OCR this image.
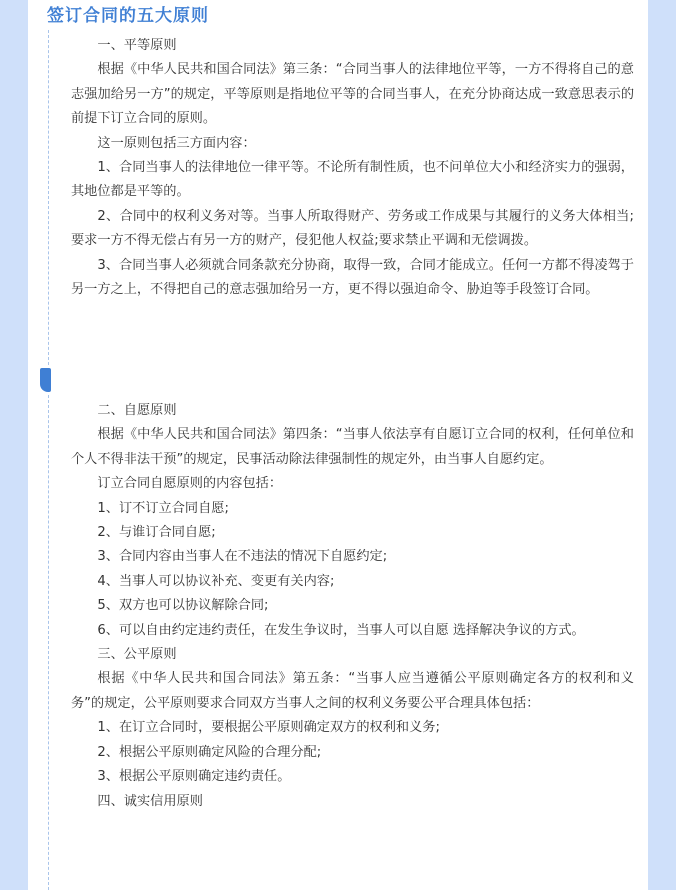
签订合同的五大原则

一、平等原则

根据《中华人民共和国合同法》第三条：“合同当事人的法律地位平等，一方不得将自己的意志强加给另一方”的规定，平等原则是指地位平等的合同当事人，在充分协商达成一致意思表示的前提下订立合同的原则。

这一原则包括三方面内容：

1、合同当事人的法律地位一律平等。不论所有制性质，也不问单位大小和经济实力的强弱，其地位都是平等的。

2、合同中的权利义务对等。当事人所取得财产、劳务或工作成果与其履行的义务大体相当;要求一方不得无偿占有另一方的财产，侵犯他人权益;要求禁止平调和无偿调拨。

3、合同当事人必须就合同条款充分协商，取得一致，合同才能成立。任何一方都不得凌驾于另一方之上，不得把自己的意志强加给另一方，更不得以强迫命令、胁迫等手段签订合同。

二、自愿原则

根据《中华人民共和国合同法》第四条：“当事人依法享有自愿订立合同的权利，任何单位和个人不得非法干预”的规定，民事活动除法律强制性的规定外，由当事人自愿约定。

订立合同自愿原则的内容包括：

1、订不订立合同自愿;

2、与谁订合同自愿;

3、合同内容由当事人在不违法的情况下自愿约定;

4、当事人可以协议补充、变更有关内容;

5、双方也可以协议解除合同;

6、可以自由约定违约责任，在发生争议时，当事人可以自愿 选择解决争议的方式。

三、公平原则

根据《中华人民共和国合同法》第五条：“当事人应当遵循公平原则确定各方的权利和义务”的规定，公平原则要求合同双方当事人之间的权利义务要公平合理具体包括：

1、在订立合同时，要根据公平原则确定双方的权利和义务;

2、根据公平原则确定风险的合理分配;

3、根据公平原则确定违约责任。

四、诚实信用原则
